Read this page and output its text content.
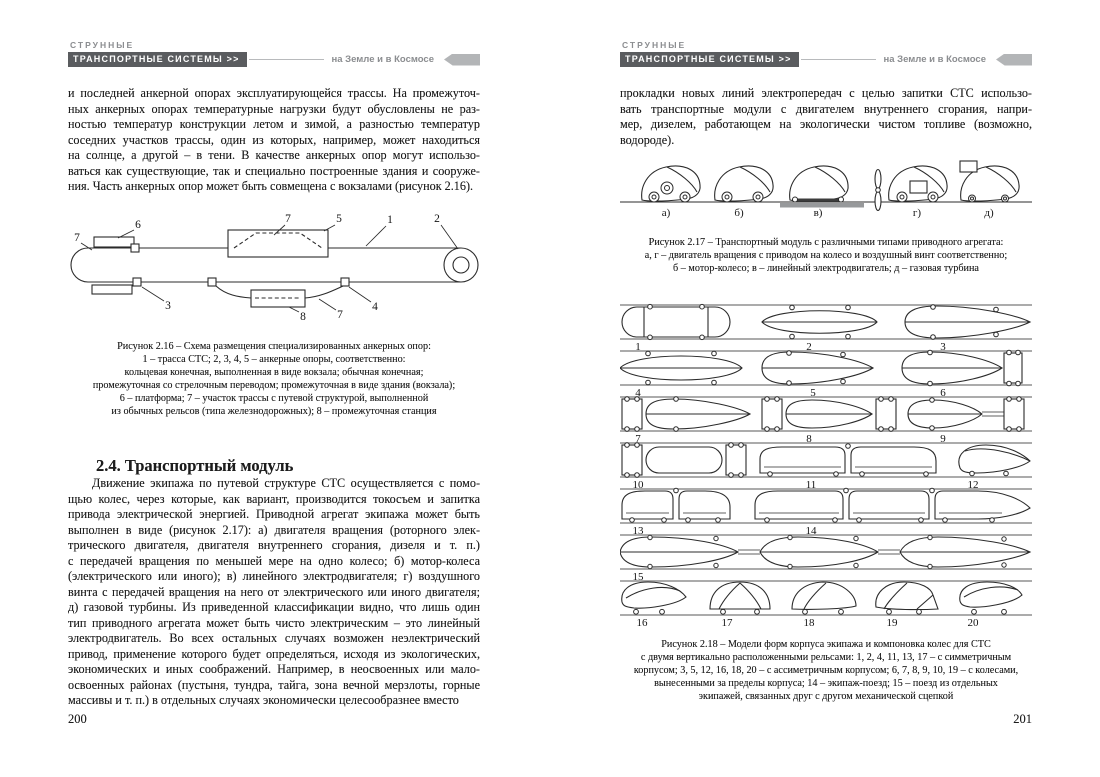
СТРУННЫЕ
ТРАНСПОРТНЫЕ СИСТЕМЫ >>	на Земле и в Космосе
и последней анкерной опорах эксплуатирующейся трассы. На промежуточ-
ных анкерных опорах температурные нагрузки будут обусловлены не раз-
ностью температур конструкции летом и зимой, а разностью температур
соседних участков трассы, один из которых, например, может находиться
на солнце, а другой – в тени. В качестве анкерных опор могут использо-
ваться как существующие, так и специально построенные здания и сооруже-
ния. Часть анкерных опор может быть совмещена с вокзалами (рисунок 2.16).
7
6	7	5	1	2
3	4
8	7
Рисунок 2.16 – Схема размещения специализированных анкерных опор:
1 – трасса СТС; 2, 3, 4, 5 – анкерные опоры, соответственно:
кольцевая конечная, выполненная в виде вокзала; обычная конечная;
промежуточная со стрелочным переводом; промежуточная в виде здания (вокзала);
6 – платформа; 7 – участок трассы с путевой структурой, выполненной
из обычных рельсов (типа железнодорожных); 8 – промежуточная станция
2.4. Транспортный модуль
Движение экипажа по путевой структуре СТС осуществляется с помо-
щью колес, через которые, как вариант, производится токосъем и запитка
привода электрической энергией. Приводной агрегат экипажа может быть
выполнен в виде (рисунок 2.17): а) двигателя вращения (роторного элек-
трического двигателя, двигателя внутреннего сгорания, дизеля и т. п.)
с передачей вращения по меньшей мере на одно колесо; б) мотор-колеса
(электрического или иного); в) линейного электродвигателя; г) воздушного
винта с передачей вращения на него от электрического или иного двигателя;
д) газовой турбины. Из приведенной классификации видно, что лишь один
тип приводного агрегата может быть чисто электрическим – это линейный
электродвигатель. Во всех остальных случаях возможен неэлектрический
привод, применение которого будет определяться, исходя из экологических,
экономических и иных соображений. Например, в неосвоенных или мало-
освоенных районах (пустыня, тундра, тайга, зона вечной мерзлоты, горные
массивы и т. п.) в отдельных случаях экономически целесообразнее вместо
200
СТРУННЫЕ
ТРАНСПОРТНЫЕ СИСТЕМЫ >>	на Земле и в Космосе
прокладки новых линий электропередач с целью запитки СТС использо-
вать транспортные модули с двигателем внутреннего сгорания, напри-
мер, дизелем, работающем на экологически чистом топливе (возможно,
водороде).
а)	б)	в)	г)	д)
Рисунок 2.17 – Транспортный модуль с различными типами приводного агрегата:
а, г – двигатель вращения с приводом на колесо и воздушный винт соответственно;
б – мотор-колесо; в – линейный электродвигатель; д – газовая турбина
1	2	3
4	5	6
7	8	9
10	11	12
13	14
15
16	17	18	19	20
Рисунок 2.18 – Модели форм корпуса экипажа и компоновка колес для СТС
с двумя вертикально расположенными рельсами: 1, 2, 4, 11, 13, 17 – с симметричным
корпусом; 3, 5, 12, 16, 18, 20 – с ассиметричным корпусом; 6, 7, 8, 9, 10, 19 – с колесами,
вынесенными за пределы корпуса; 14 – экипаж-поезд; 15 – поезд из отдельных
экипажей, связанных друг с другом механической сцепкой
201
